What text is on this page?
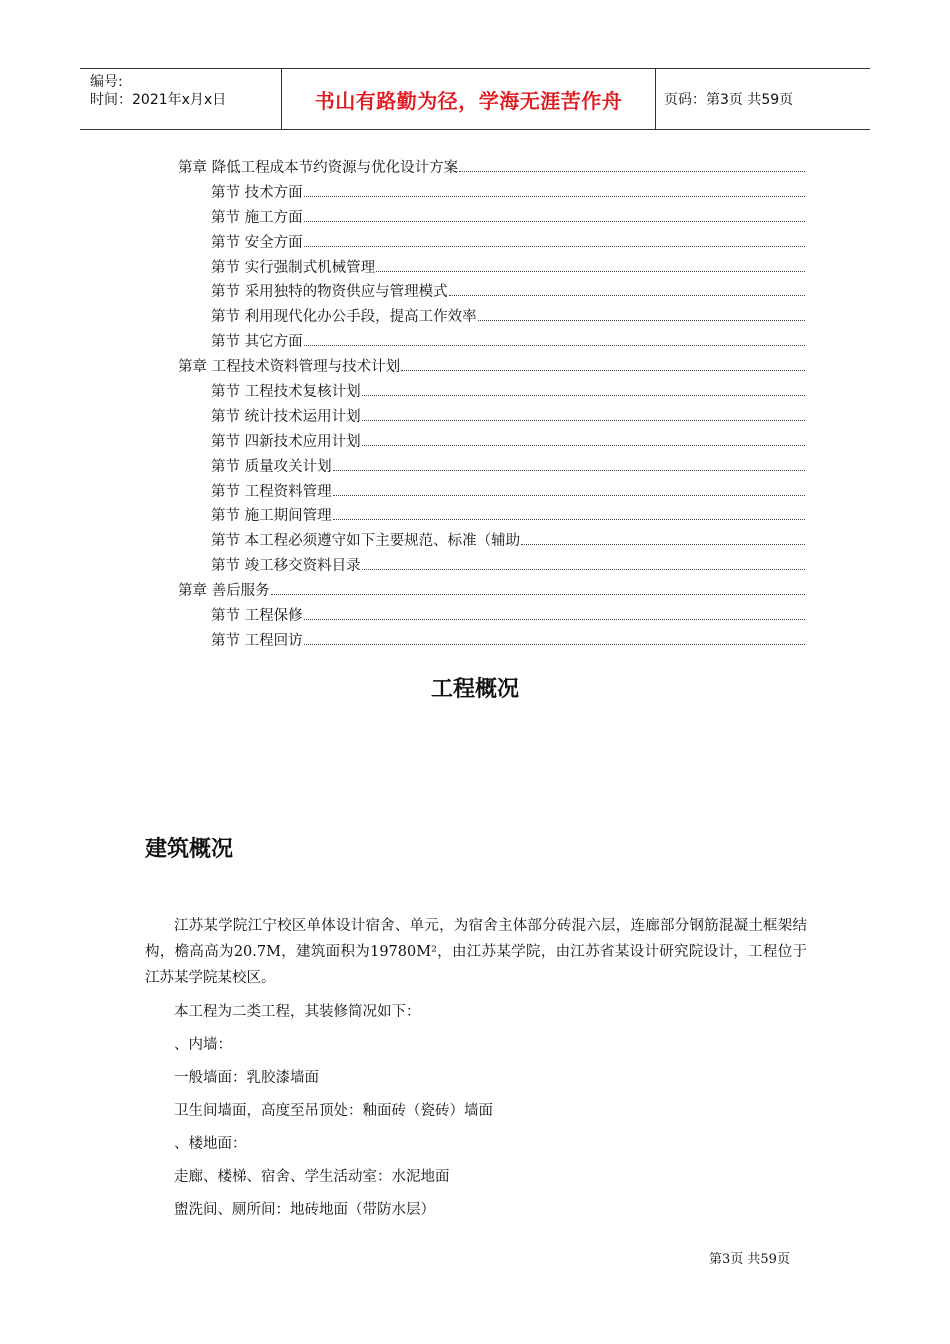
编号:
时间：2021年x月x日	书山有路勤为径，学海无涯苦作舟	页码：第3页 共59页
第章 降低工程成本节约资源与优化设计方案
第节 技术方面
第节 施工方面
第节 安全方面
第节 实行强制式机械管理
第节 采用独特的物资供应与管理模式
第节 利用现代化办公手段，提高工作效率
第节 其它方面
第章 工程技术资料管理与技术计划
第节 工程技术复核计划
第节 统计技术运用计划
第节 四新技术应用计划
第节 质量攻关计划
第节 工程资料管理
第节 施工期间管理
第节 本工程必须遵守如下主要规范、标准（辅助
第节 竣工移交资料目录
第章 善后服务
第节 工程保修
第节 工程回访
工程概况
建筑概况

江苏某学院江宁校区单体设计宿舍、单元，为宿舍主体部分砖混六层，连廊部分钢筋混凝土框架结构，檐高高为20.7M，建筑面积为19780M²，由江苏某学院，由江苏省某设计研究院设计，工程位于江苏某学院某校区。

本工程为二类工程，其装修简况如下：
、内墙：
一般墙面：乳胶漆墙面
卫生间墙面，高度至吊顶处：釉面砖（瓷砖）墙面
、楼地面：
走廊、楼梯、宿舍、学生活动室：水泥地面
盥洗间、厕所间：地砖地面（带防水层）
第3页 共59页
